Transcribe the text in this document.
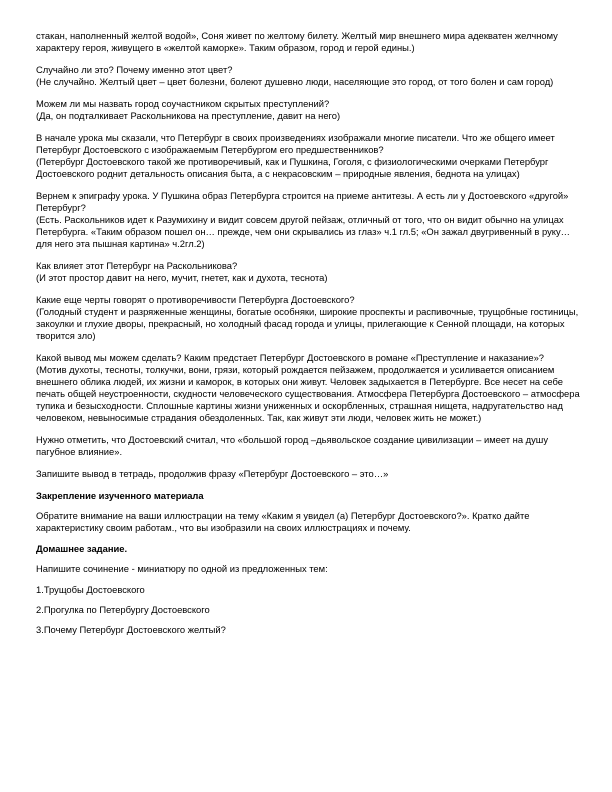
стакан, наполненный желтой водой», Соня живет по желтому билету. Желтый мир внешнего мира адекватен желчному характеру героя, живущего в «желтой каморке». Таким образом, город и герой едины.)

Случайно ли это? Почему именно этот цвет?

(Не случайно. Желтый цвет – цвет болезни, болеют душевно люди, населяющие это город, от того болен и сам город)

Можем ли мы назвать город соучастником скрытых преступлений?

(Да, он подталкивает Раскольникова на преступление, давит на него)

В начале урока мы сказали, что Петербург в своих произведениях изображали многие писатели. Что же общего имеет Петербург Достоевского с изображаемым Петербургом его предшественников?

(Петербург Достоевского такой же противоречивый, как и Пушкина, Гоголя, с физиологическими очерками Петербург Достоевского роднит детальность описания быта, а с некрасовским – природные явления, беднота на улицах)

Вернем к эпиграфу урока. У Пушкина образ Петербурга строится на приеме антитезы. А есть ли у Достоевского «другой» Петербург?

(Есть. Раскольников идет к Разумихину и видит совсем другой пейзаж, отличный от того, что он видит обычно на улицах Петербурга. «Таким образом пошел он… прежде, чем они скрывались из глаз» ч.1 гл.5; «Он зажал двугривенный в руку…для него эта пышная картина» ч.2гл.2)

Как влияет этот Петербург на Раскольникова?

(И этот простор давит на него, мучит, гнетет, как и духота, теснота)

Какие еще черты говорят о противоречивости Петербурга Достоевского?

(Голодный студент и разряженные женщины, богатые особняки, широкие проспекты и распивочные, трущобные гостиницы, закоулки и глухие дворы, прекрасный, но холодный фасад города и улицы, прилегающие к Сенной площади, на которых творится зло)

Какой вывод мы можем сделать? Каким предстает Петербург Достоевского в романе «Преступление и наказание»?

(Мотив духоты, тесноты, толкучки, вони, грязи, который рождается пейзажем, продолжается и усиливается описанием внешнего облика людей, их жизни и каморок, в которых они живут. Человек задыхается в Петербурге. Все несет на себе печать общей неустроенности, скудности человеческого существования. Атмосфера Петербурга Достоевского – атмосфера тупика и безысходности. Сплошные картины жизни униженных и оскорбленных, страшная нищета, надругательство над человеком, невыносимые страдания обездоленных. Так, как живут эти люди, человек жить не может.)

Нужно отметить, что Достоевский считал, что «большой город –дьявольское создание цивилизации – имеет на душу пагубное влияние».

Запишите вывод в тетрадь, продолжив фразу «Петербург Достоевского – это…»

Закрепление изученного материала

Обратите внимание на ваши иллюстрации на тему «Каким я увидел (а) Петербург Достоевского?». Кратко дайте характеристику своим работам., что вы изобразили на своих иллюстрациях и почему.

Домашнее задание.

Напишите сочинение - миниатюру по одной из предложенных тем:

1.Трущобы Достоевского

2.Прогулка по Петербургу Достоевского

3.Почему Петербург Достоевского желтый?
